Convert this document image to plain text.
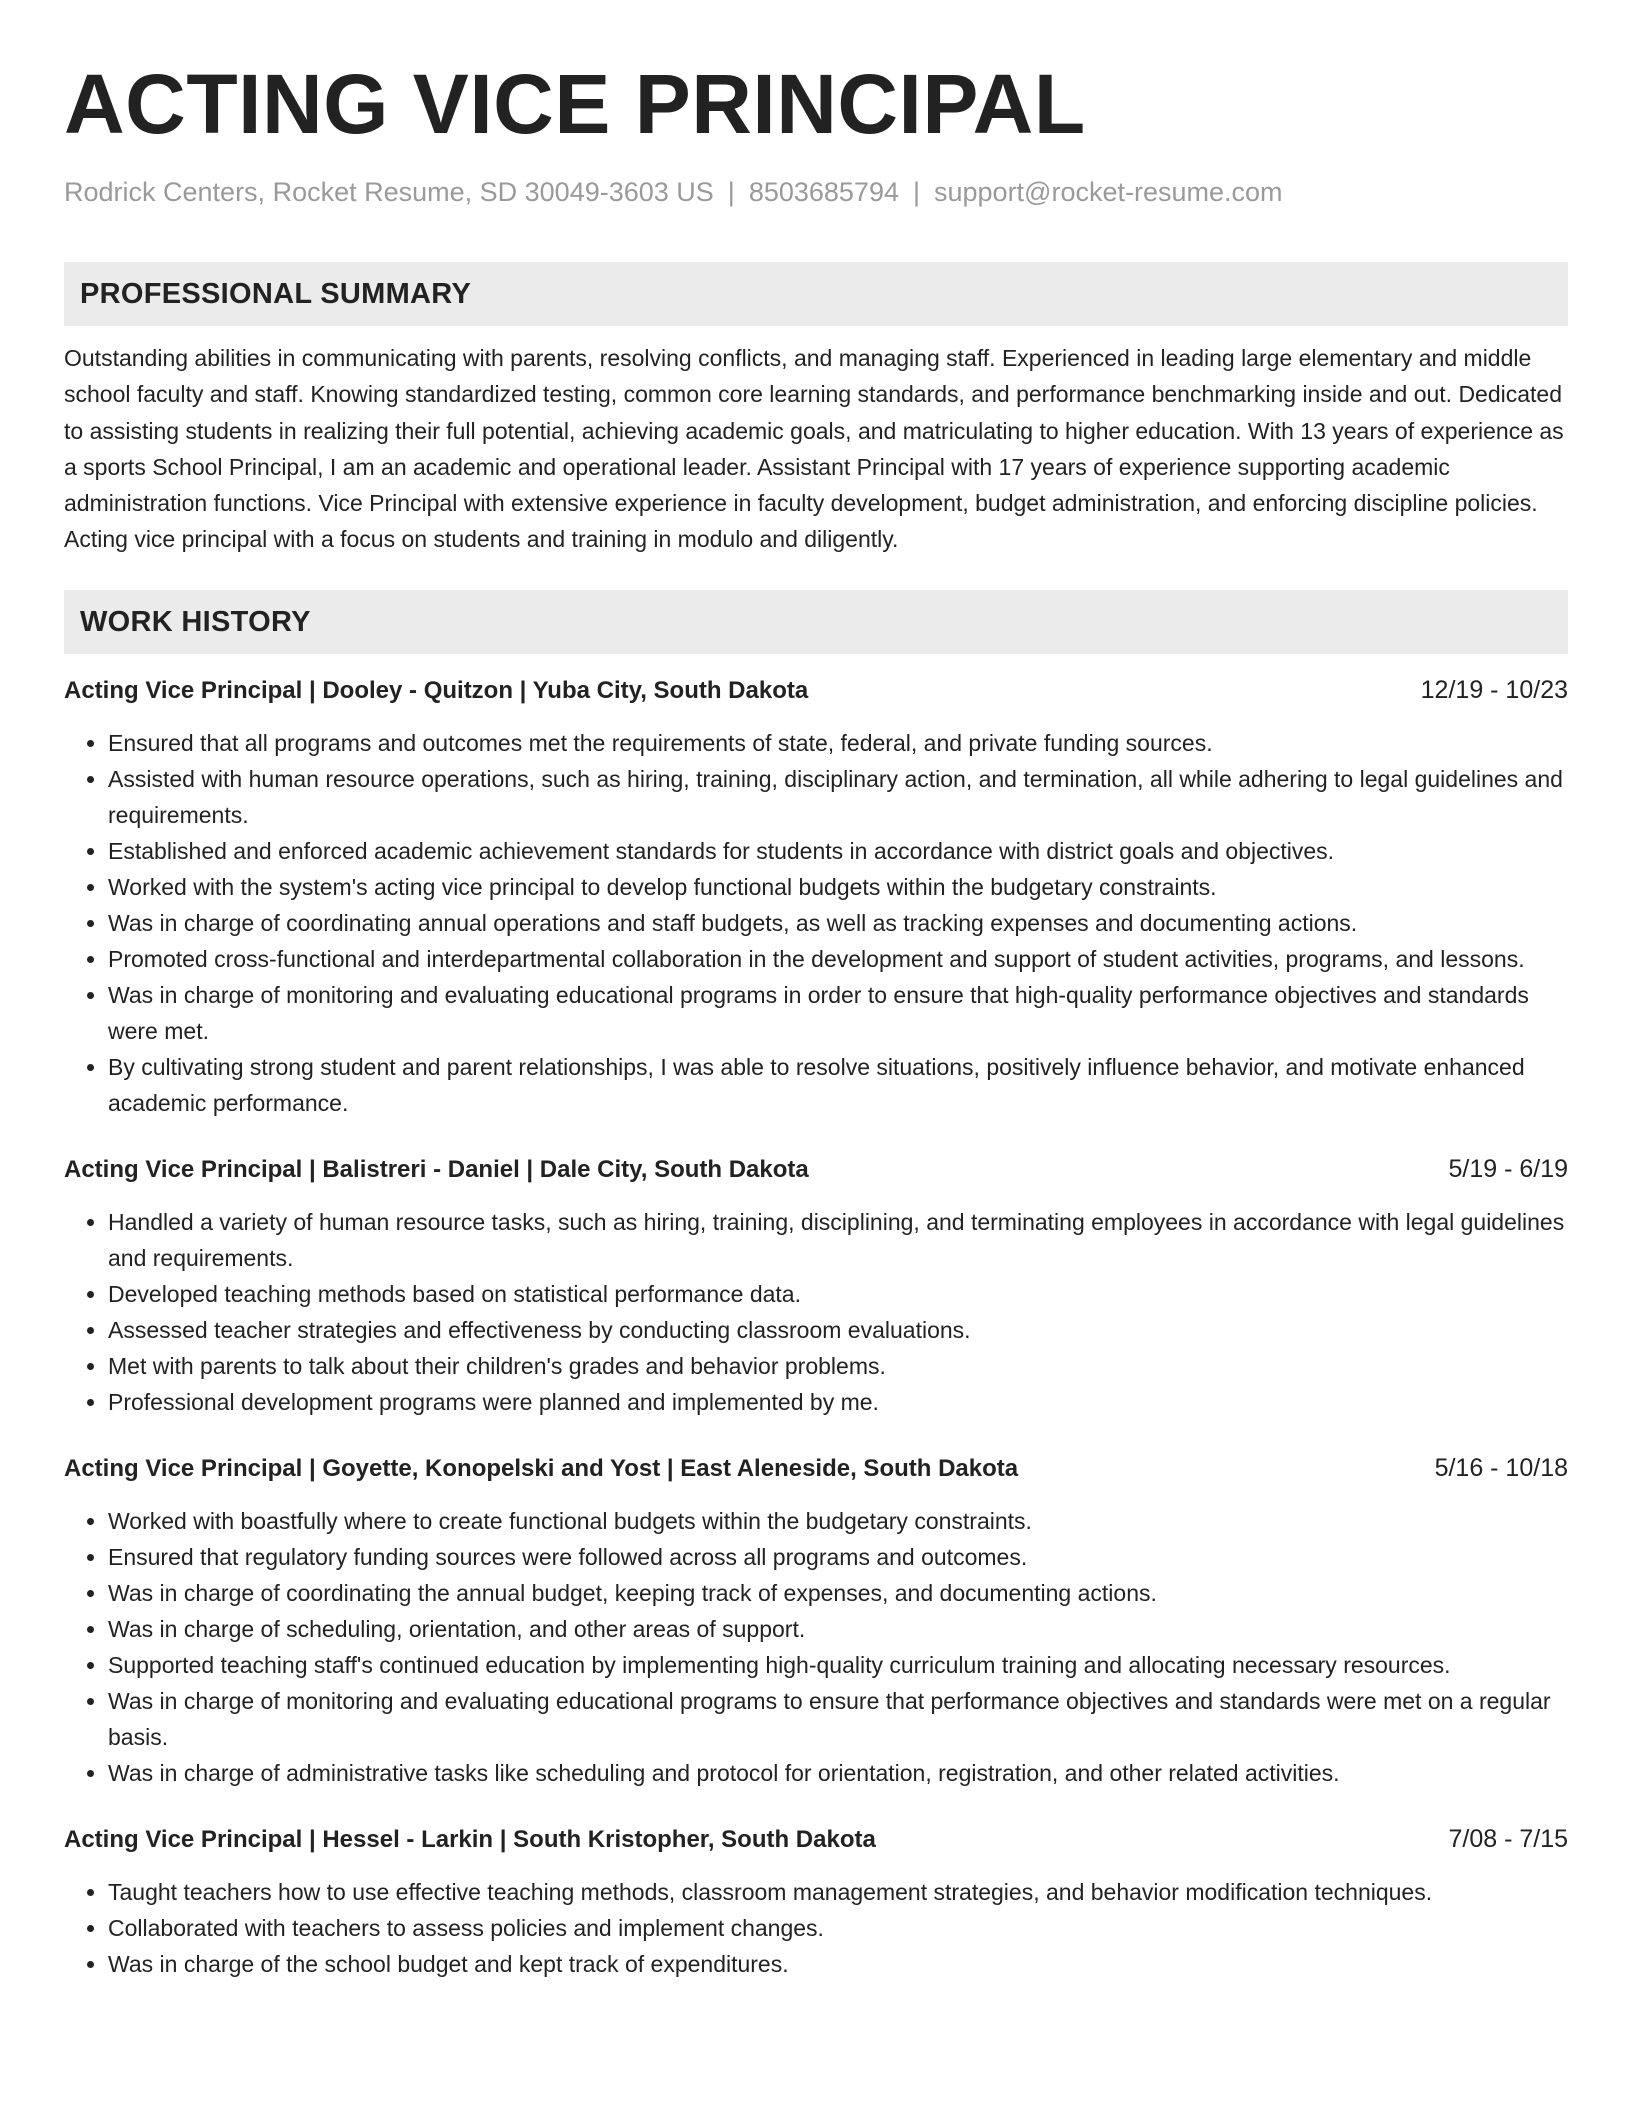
ACTING VICE PRINCIPAL
Rodrick Centers, Rocket Resume, SD 30049-3603 US | 8503685794 | support@rocket-resume.com
PROFESSIONAL SUMMARY
Outstanding abilities in communicating with parents, resolving conflicts, and managing staff. Experienced in leading large elementary and middle school faculty and staff. Knowing standardized testing, common core learning standards, and performance benchmarking inside and out. Dedicated to assisting students in realizing their full potential, achieving academic goals, and matriculating to higher education. With 13 years of experience as a sports School Principal, I am an academic and operational leader. Assistant Principal with 17 years of experience supporting academic administration functions. Vice Principal with extensive experience in faculty development, budget administration, and enforcing discipline policies. Acting vice principal with a focus on students and training in modulo and diligently.
WORK HISTORY
Acting Vice Principal | Dooley - Quitzon | Yuba City, South Dakota	12/19 - 10/23
• Ensured that all programs and outcomes met the requirements of state, federal, and private funding sources.
• Assisted with human resource operations, such as hiring, training, disciplinary action, and termination, all while adhering to legal guidelines and requirements.
• Established and enforced academic achievement standards for students in accordance with district goals and objectives.
• Worked with the system's acting vice principal to develop functional budgets within the budgetary constraints.
• Was in charge of coordinating annual operations and staff budgets, as well as tracking expenses and documenting actions.
• Promoted cross-functional and interdepartmental collaboration in the development and support of student activities, programs, and lessons.
• Was in charge of monitoring and evaluating educational programs in order to ensure that high-quality performance objectives and standards were met.
• By cultivating strong student and parent relationships, I was able to resolve situations, positively influence behavior, and motivate enhanced academic performance.
Acting Vice Principal | Balistreri - Daniel | Dale City, South Dakota	5/19 - 6/19
• Handled a variety of human resource tasks, such as hiring, training, disciplining, and terminating employees in accordance with legal guidelines and requirements.
• Developed teaching methods based on statistical performance data.
• Assessed teacher strategies and effectiveness by conducting classroom evaluations.
• Met with parents to talk about their children's grades and behavior problems.
• Professional development programs were planned and implemented by me.
Acting Vice Principal | Goyette, Konopelski and Yost | East Aleneside, South Dakota	5/16 - 10/18
• Worked with boastfully where to create functional budgets within the budgetary constraints.
• Ensured that regulatory funding sources were followed across all programs and outcomes.
• Was in charge of coordinating the annual budget, keeping track of expenses, and documenting actions.
• Was in charge of scheduling, orientation, and other areas of support.
• Supported teaching staff's continued education by implementing high-quality curriculum training and allocating necessary resources.
• Was in charge of monitoring and evaluating educational programs to ensure that performance objectives and standards were met on a regular basis.
• Was in charge of administrative tasks like scheduling and protocol for orientation, registration, and other related activities.
Acting Vice Principal | Hessel - Larkin | South Kristopher, South Dakota	7/08 - 7/15
• Taught teachers how to use effective teaching methods, classroom management strategies, and behavior modification techniques.
• Collaborated with teachers to assess policies and implement changes.
• Was in charge of the school budget and kept track of expenditures.
